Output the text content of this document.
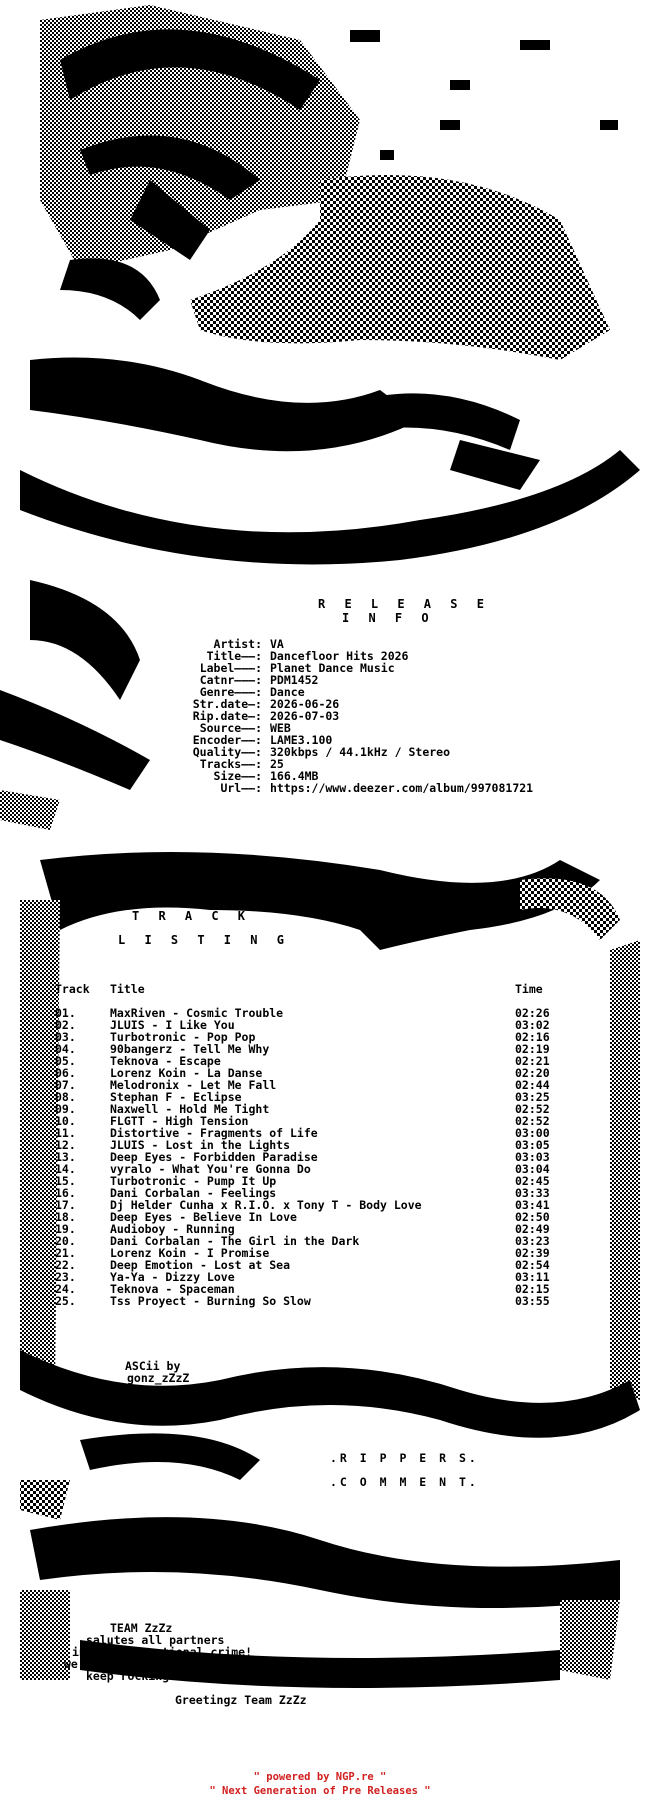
R E L E A S E
I N F O
Artist: VA
Title——: Dancefloor Hits 2026
Label———: Planet Dance Music
Catnr———: PDM1452
Genre———: Dance
Str.date—: 2026-06-26
Rip.date—: 2026-07-03
Source——: WEB
Encoder——: LAME3.100
Quality——: 320kbps / 44.1kHz / Stereo
Tracks——: 25
Size——: 166.4MB
Url——: https://www.deezer.com/album/997081721
T R A C K
L I S T I N G
Track Title	Time
01.	MaxRiven - Cosmic Trouble	02:26
02.	JLUIS - I Like You	03:02
03.	Turbotronic - Pop Pop	02:16
04.	90bangerz - Tell Me Why	02:19
05.	Teknova - Escape	02:21
06.	Lorenz Koin - La Danse	02:20
07.	Melodronix - Let Me Fall	02:44
08.	Stephan F - Eclipse	03:25
09.	Naxwell - Hold Me Tight	02:52
10.	FLGTT - High Tension	02:52
11.	Distortive - Fragments of Life	03:00
12.	JLUIS - Lost in the Lights	03:05
13.	Deep Eyes - Forbidden Paradise	03:03
14.	vyralo - What You're Gonna Do	03:04
15.	Turbotronic - Pump It Up	02:45
16.	Dani Corbalan - Feelings	03:33
17.	Dj Helder Cunha x R.I.O. x Tony T - Body Love	03:41
18.	Deep Eyes - Believe In Love	02:50
19.	Audioboy - Running	02:49
20.	Dani Corbalan - The Girl in the Dark	03:23
21.	Lorenz Koin - I Promise	02:39
22.	Deep Emotion - Lost at Sea	02:54
23.	Ya-Ya - Dizzy Love	03:11
24.	Teknova - Spaceman	02:15
25.	Tss Proyect - Burning So Slow	03:55
ASCii by
gonz_zZzZ
.R I P P E R S.
.C O M M E N T.
TEAM ZzZz
salutes all partners
in this educational crime!
we thank all the fans, we will
keep rocking...
Greetingz Team ZzZz
" powered by NGP.re "
" Next Generation of Pre Releases "
